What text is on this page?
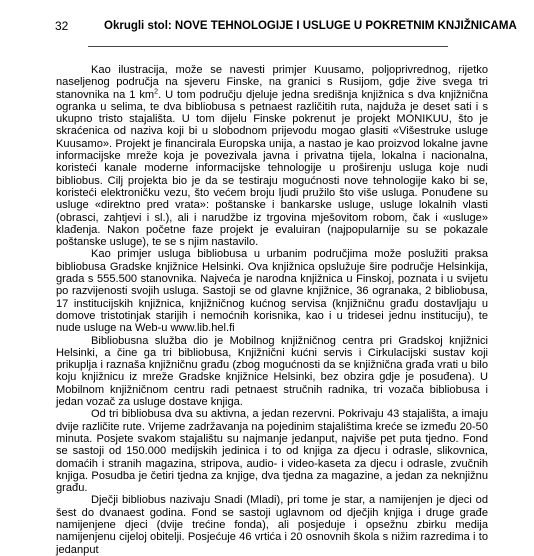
32	Okrugli stol: NOVE TEHNOLOGIJE I USLUGE U POKRETNIM KNJIŽNICAMA

Kao ilustracija, može se navesti primjer Kuusamo, poljoprivrednog, rijetko naseljenog područja na sjeveru Finske, na granici s Rusijom, gdje žive svega tri stanovnika na 1 $km^2$. U tom području djeluje jedna središnja knjižnica s dva knjižnična ogranka u selima, te dva bibliobusa s petnaest različitih ruta, najduža je deset sati i s ukupno tristo stajališta. U tom dijelu Finske pokrenut je projekt MONIKUU, što je skraćenica od naziva koji bi u slobodnom prijevodu mogao glasiti «Višestruke usluge Kuusamo». Projekt je financirala Europska unija, a nastao je kao proizvod lokalne javne informacijske mreže koja je povezivala javna i privatna tijela, lokalna i nacionalna, koristeći kanale moderne informacijske tehnologije u proširenju usluga koje nudi bibliobus. Cilj projekta bio je da se testiraju mogućnosti nove tehnologije kako bi se, koristeći elektroničku vezu, što većem broju ljudi pružilo što više usluga. Ponuđene su usluge «direktno pred vrata»: poštanske i bankarske usluge, usluge lokalnih vlasti (obrasci, zahtjevi i sl.), ali i narudžbe iz trgovina mješovitom robom, čak i «usluge» klađenja. Nakon početne faze projekt je evaluiran (najpopularnije su se pokazale poštanske usluge), te se s njim nastavilo.

Kao primjer usluga bibliobusa u urbanim područjima može poslužiti praksa bibliobusa Gradske knjižnice Helsinki. Ova knjižnica opslužuje šire područje Helsinkija, grada s 555.500 stanovnika. Najveća je narodna knjižnica u Finskoj, poznata i u svijetu po razvijenosti svojih usluga. Sastoji se od glavne knjižnice, 36 ogranaka, 2 bibliobusa, 17 institucijskih knjižnica, knjižničnog kućnog servisa (knjižničnu građu dostavljaju u domove tristotinjak starijih i nemoćnih korisnika, kao i u tridesei jednu instituciju), te nude usluge na Web-u www.lib.hel.fi

Bibliobusna služba dio je Mobilnog knjižničnog centra pri Gradskoj knjižnici Helsinki, a čine ga tri bibliobusa, Knjižnični kućni servis i Cirkulacijski sustav koji prikuplja i raznaša knjižničnu građu (zbog mogućnosti da se knjižnična građa vrati u bilo koju knjižnicu iz mreže Gradske knjižnice Helsinki, bez obzira gdje je posuđena). U Mobilnom knjižničnom centru radi petnaest stručnih radnika, tri vozača bibliobusa i jedan vozač za usluge dostave knjiga.

Od tri bibliobusa dva su aktivna, a jedan rezervni. Pokrivaju 43 stajališta, a imaju dvije različite rute. Vrijeme zadržavanja na pojedinim stajalištima kreće se između 20-50 minuta. Posjete svakom stajalištu su najmanje jedanput, najviše pet puta tjedno. Fond se sastoji od 150.000 medijskih jedinica i to od knjiga za djecu i odrasle, slikovnica, domaćih i stranih magazina, stripova, audio- i video-kaseta za djecu i odrasle, zvučnih knjiga. Posudba je četiri tjedna za knjige, dva tjedna za magazine, a jedan za neknjižnu građu.

Dječji bibliobus nazivaju Snadi (Mladi), pri tome je star, a namijenjen je djeci od šest do dvanaest godina. Fond se sastoji uglavnom od dječjih knjiga i druge građe namijenjene djeci (dvije trećine fonda), ali posjeduje i opsežnu zbirku medija namijenjenu cijeloj obitelji. Posjećuje 46 vrtića i 20 osnovnih škola s nižim razredima i to jedanput
